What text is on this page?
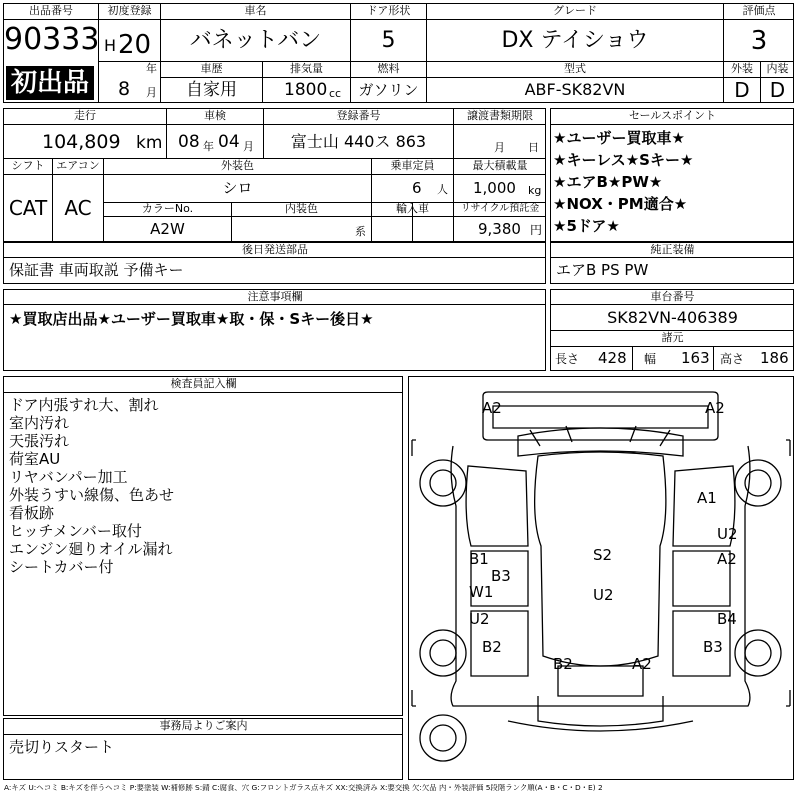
出品番号
90333
初出品
初度登録
H 20
年
8 月
車名
バネットバン
ドア形状
5
グレード
DX テイショウ
評価点
3
車歴
自家用
排気量
1800 cc
燃料
ガソリン
型式
ABF-SK82VN
外装	内装
D	D
走行
104,809 km
車検
08 年 04 月
登録番号
富士山 440ス 863
譲渡書類期限
月 日
シフト
CAT
エアコン
AC
外装色
シロ
乗車定員
6 人
最大積載量
1,000 kg
カラーNo.
A2W
内装色
系
輸入車	リサイクル預託金
9,380 円
セールスポイント
★ユーザー買取車★
★キーレス★Sキー★
★エアB★PW★
★NOX・PM適合★
★5ドア★
後日発送部品
保証書 車両取説 予備キー
純正装備
エアB PS PW
注意事項欄
★買取店出品★ユーザー買取車★取・保・Sキー後日★
車台番号
SK82VN-406389
諸元
長さ 428 幅 163 高さ 186
検査員記入欄
ドア内張すれ大、割れ
室内汚れ
天張汚れ
荷室AU
リヤバンパー加工
外装うすい線傷、色あせ
看板跡
ヒッチメンバー取付
エンジン廻りオイル漏れ
シートカバー付
事務局よりご案内
売切りスタート
A2	A2
A1
U2
A2
B1
B3
S2
W1	U2
U2	B4
B2	B3
B2	A2
A:キズ U:ヘコミ B:キズを伴うヘコミ P:要塗装 W:補修跡 S:錆 C:腐食、穴 G:フロントガラス点キズ XX:交換済み X:要交換 欠:欠品 内・外装評価 5段階ランク順(A・B・C・D・E) 2
